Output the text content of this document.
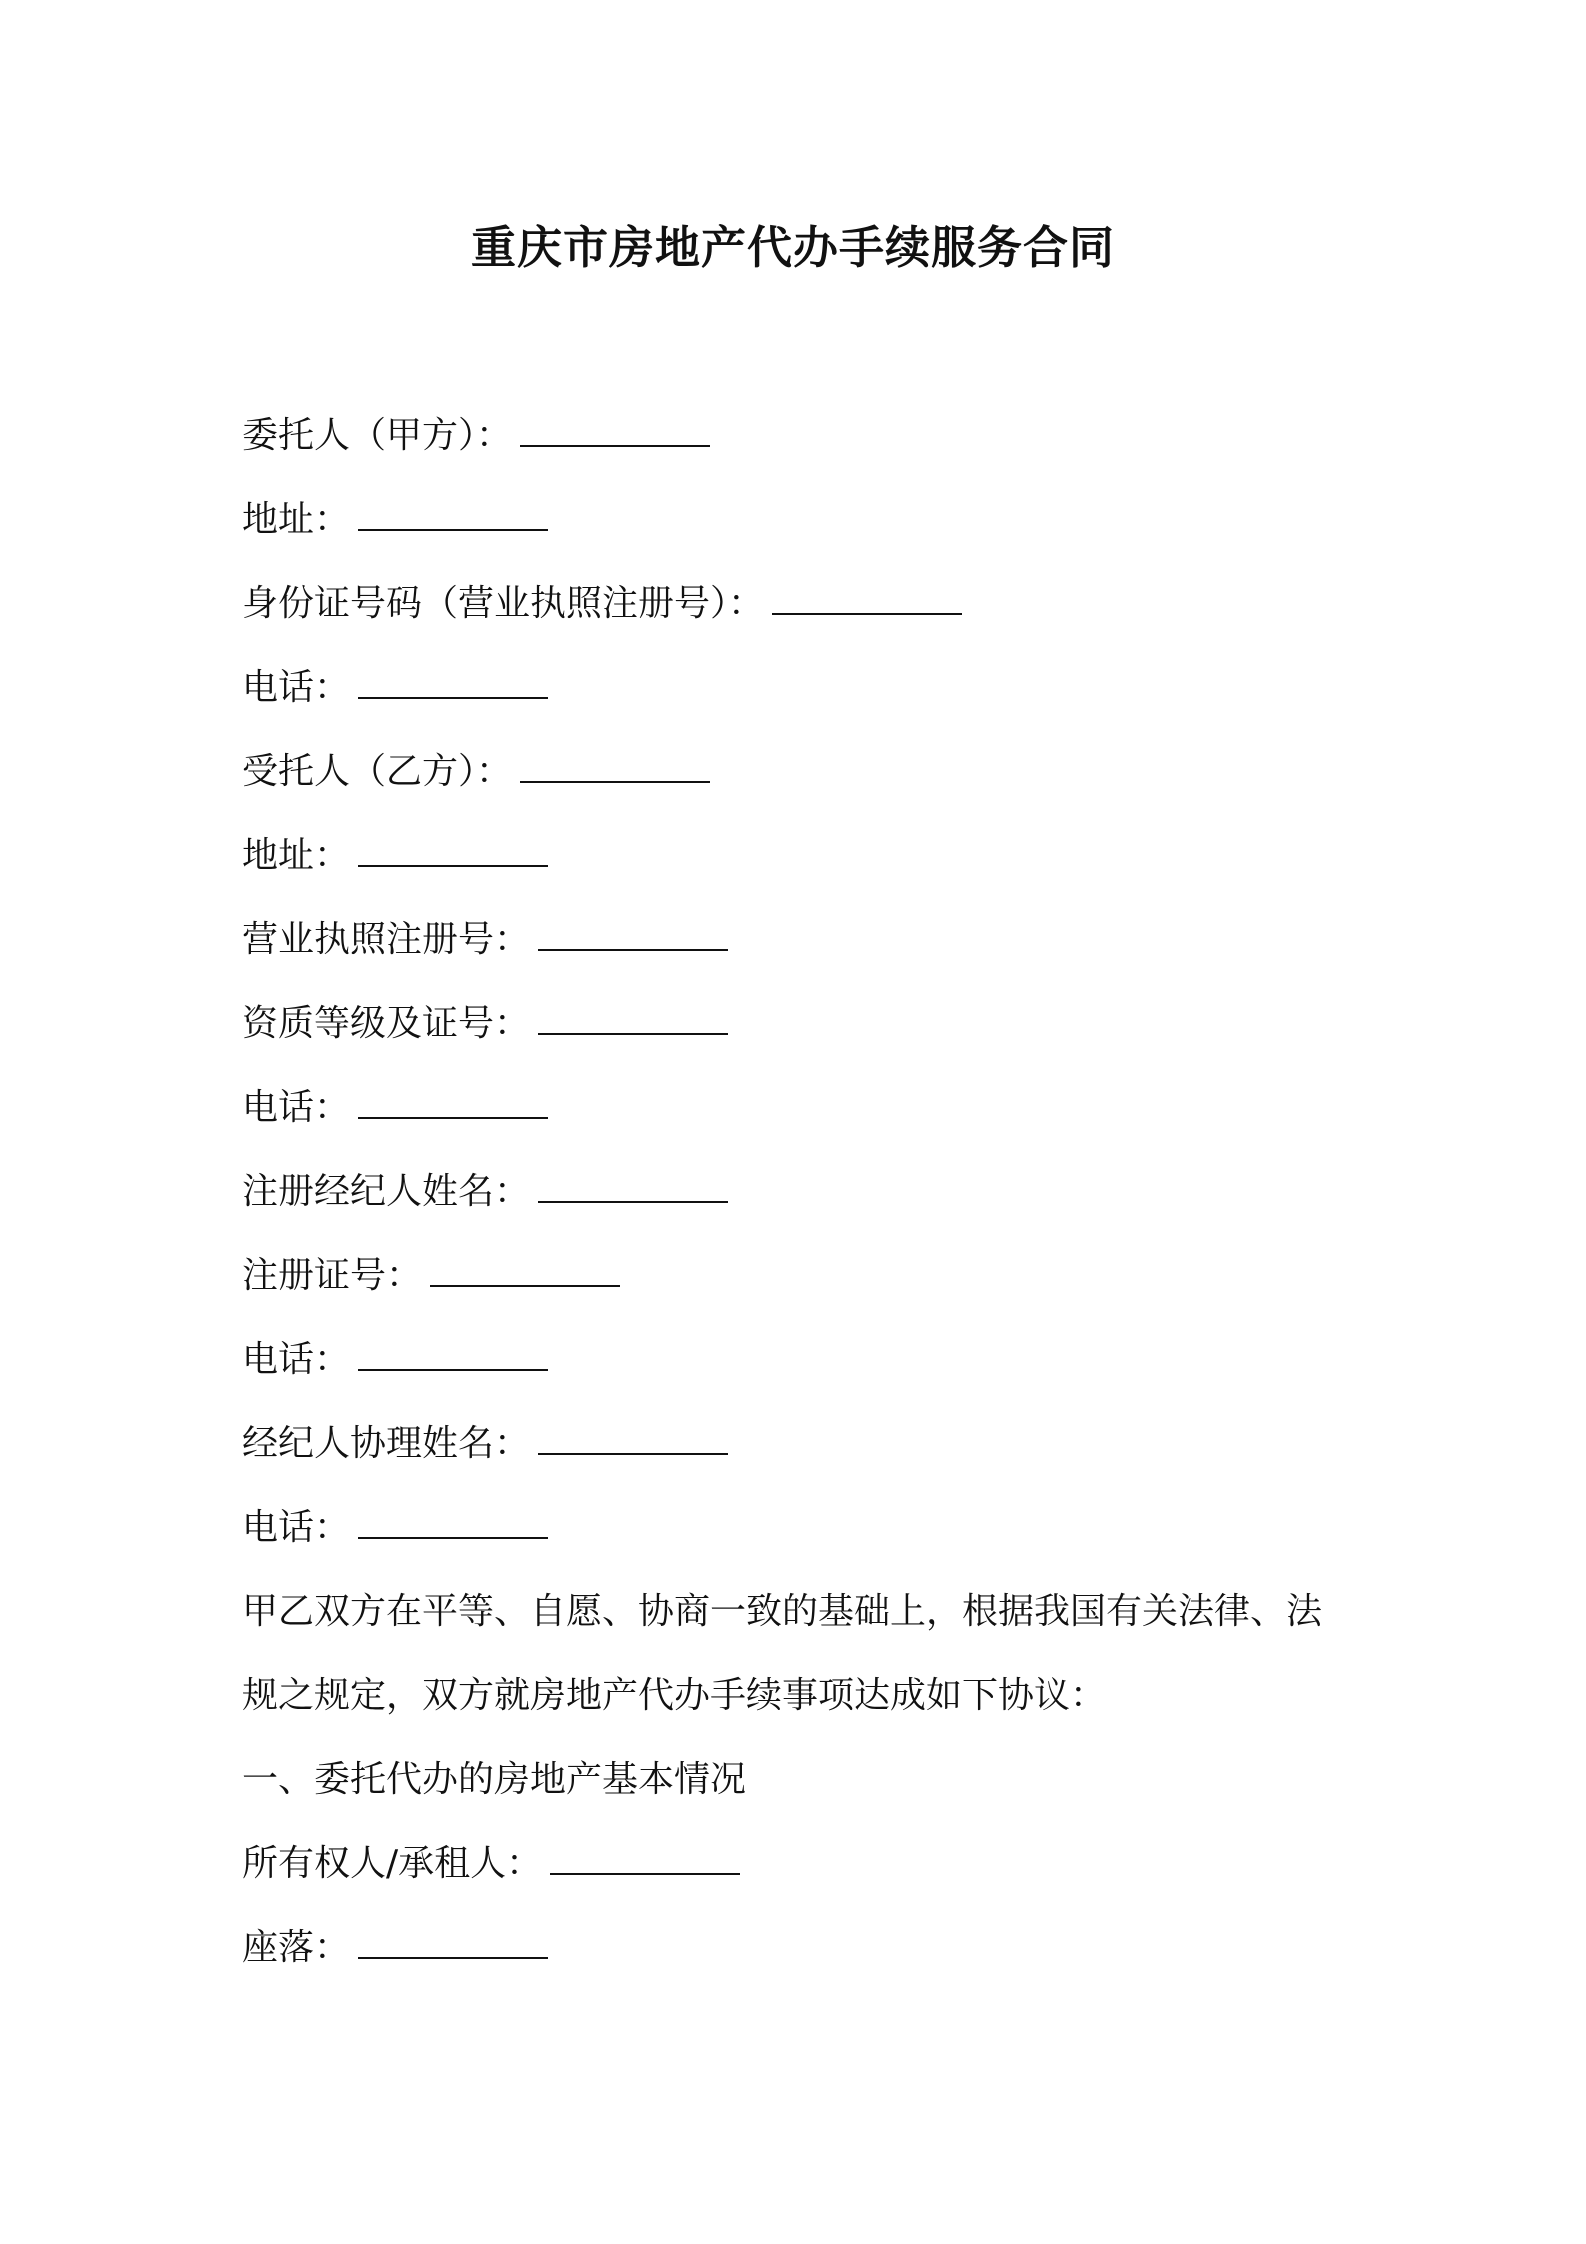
重庆市房地产代办手续服务合同
委托人（甲方）：
地址：
身份证号码（营业执照注册号）：
电话：
受托人（乙方）：
地址：
营业执照注册号：
资质等级及证号：
电话：
注册经纪人姓名：
注册证号：
电话：
经纪人协理姓名：
电话：
甲乙双方在平等、自愿、协商一致的基础上，根据我国有关法律、法
规之规定，双方就房地产代办手续事项达成如下协议：
一、委托代办的房地产基本情况
所有权人/承租人：
座落：
